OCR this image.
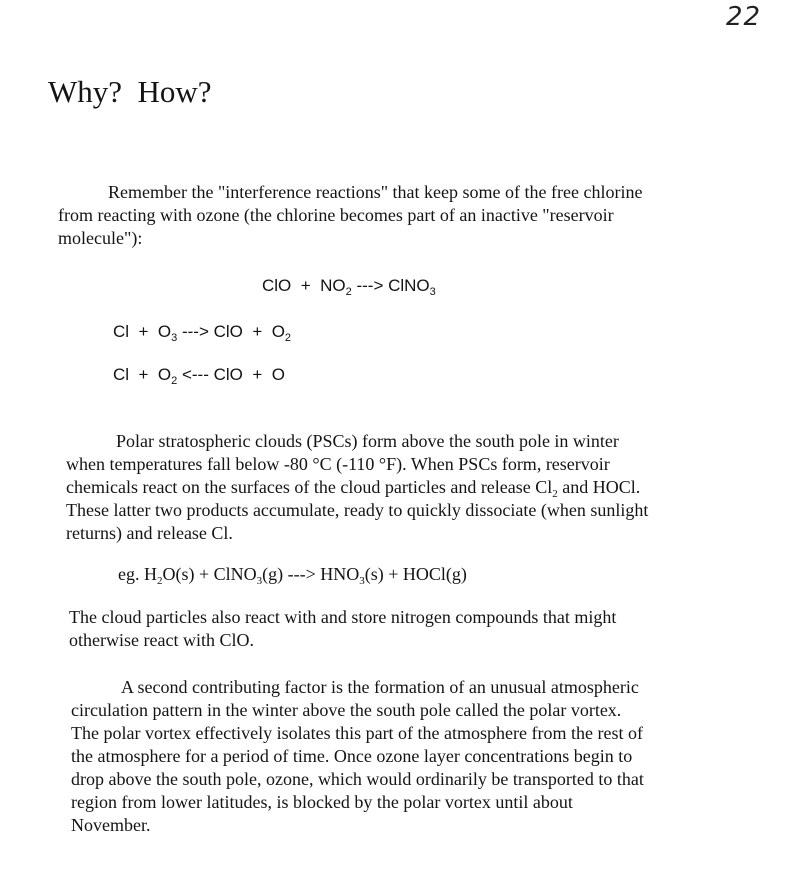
22
Why?  How?

Remember the "interference reactions" that keep some of the free chlorine
from reacting with ozone (the chlorine becomes part of an inactive "reservoir
molecule"):

ClO  +  $NO_2$ ---> ClNO$_3$
$Cl + O_3$ ---> ClO  +  $O_2$
$Cl + O_2$ <--- ClO  +  O

Polar stratospheric clouds (PSCs) form above the south pole in winter
when temperatures fall below -80 °C (-110 °F). When PSCs form, reservoir
chemicals react on the surfaces of the cloud particles and release $Cl_2$ and HOCl.
These latter two products accumulate, ready to quickly dissociate (when sunlight
returns) and release Cl.

eg. $H_2O(s)$ + ClNO$_3$(g) ---> $HNO_3(s)$ + HOCl(g)

The cloud particles also react with and store nitrogen compounds that might
otherwise react with ClO.

A second contributing factor is the formation of an unusual atmospheric
circulation pattern in the winter above the south pole called the polar vortex.
The polar vortex effectively isolates this part of the atmosphere from the rest of
the atmosphere for a period of time. Once ozone layer concentrations begin to
drop above the south pole, ozone, which would ordinarily be transported to that
region from lower latitudes, is blocked by the polar vortex until about
November.
